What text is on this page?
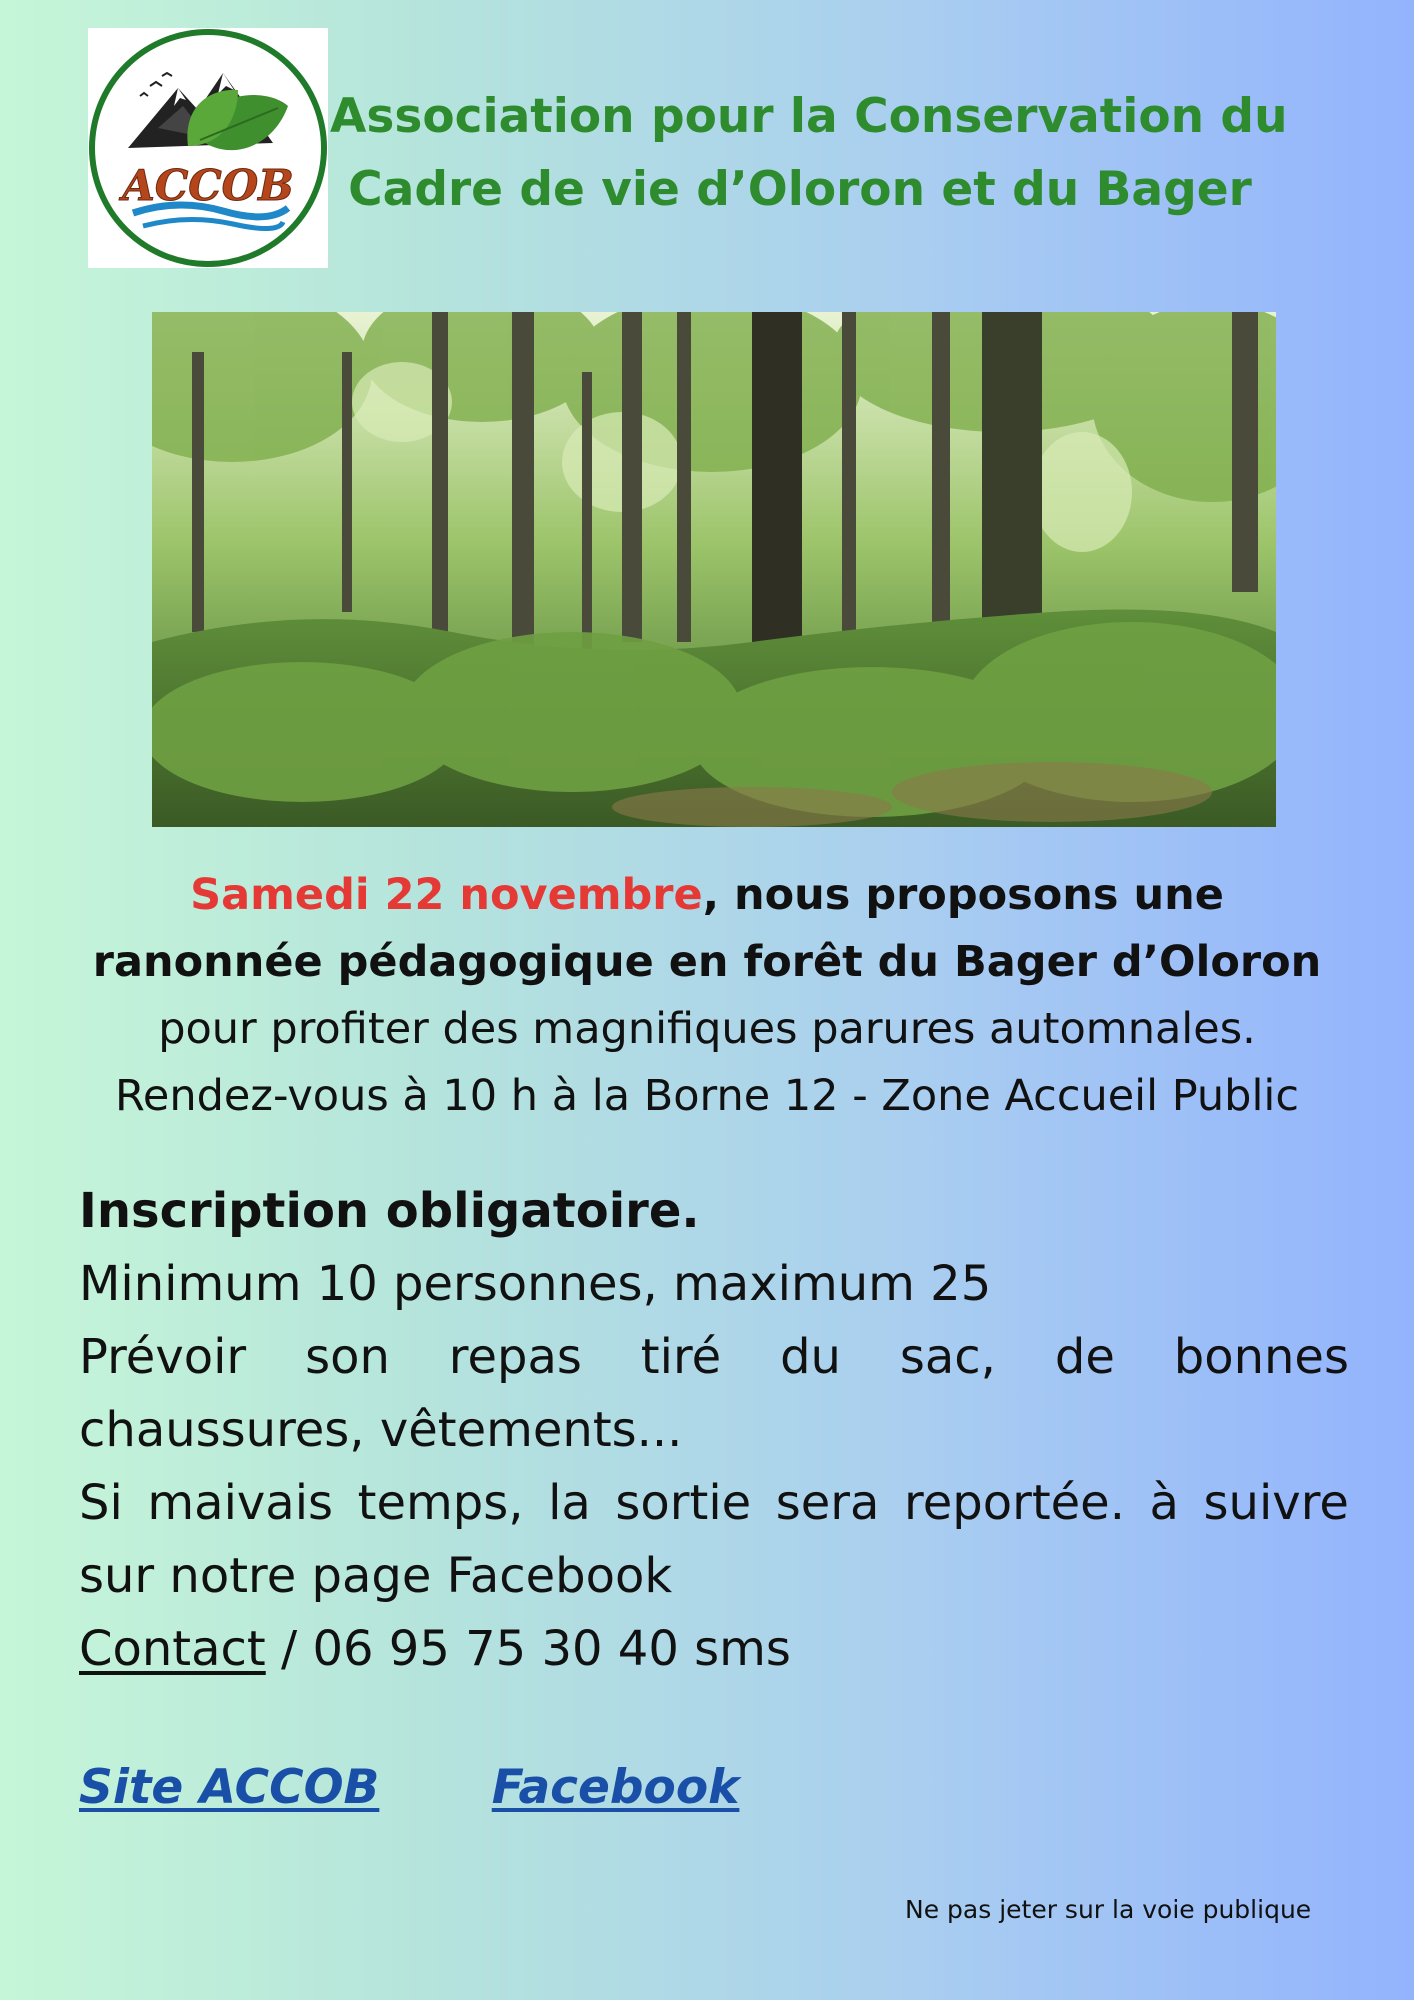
ACCOB
Association pour la Conservation du
Cadre de vie d’Oloron et du Bager
Samedi 22 novembre, nous proposons une
ranonnée pédagogique en forêt du Bager d’Oloron
pour profiter des magnifiques parures automnales.
Rendez-vous à 10 h à la Borne 12 - Zone Accueil Public
Inscription obligatoire.
Minimum 10 personnes, maximum 25
Prévoir son repas tiré du sac, de bonnes
chaussures, vêtements...
Si maivais temps, la sortie sera reportée. à suivre
sur notre page Facebook
Contact / 06 95 75 30 40 sms
Site ACCOB Facebook
Ne pas jeter sur la voie publique
